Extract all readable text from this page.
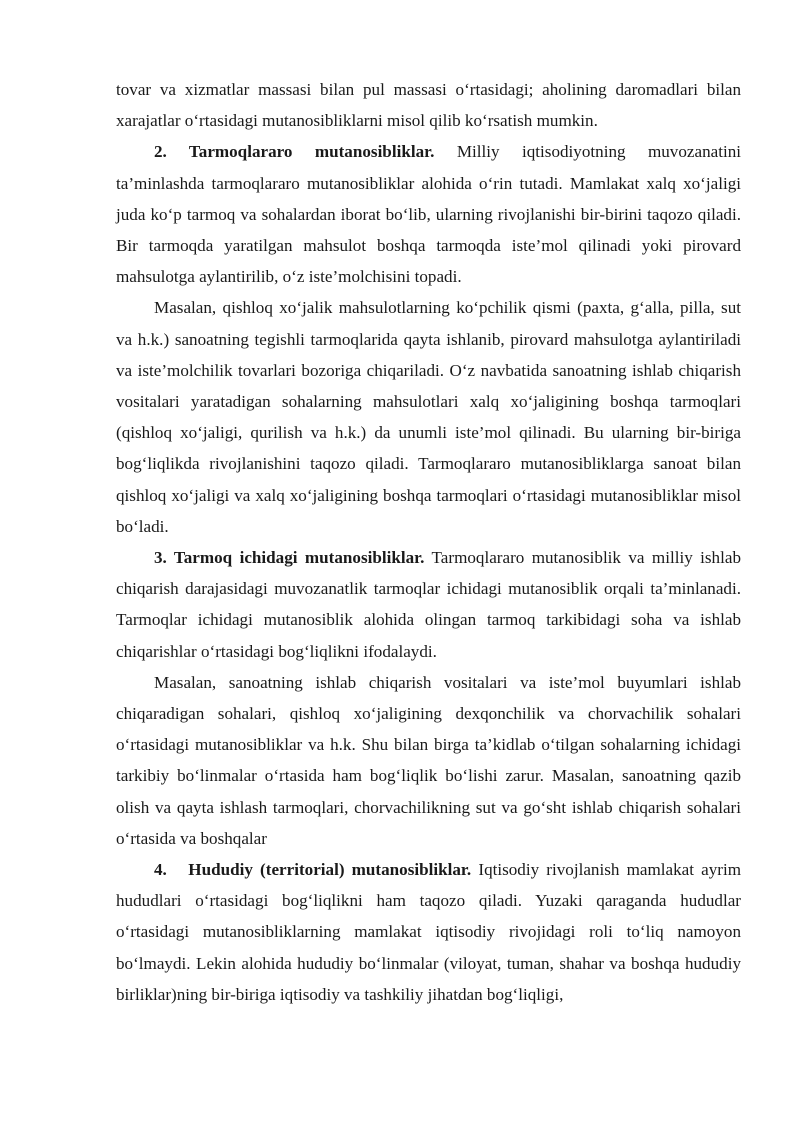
tovar va xizmatlar massasi bilan pul massasi o‘rtasidagi; aholining daromadlari bilan xarajatlar o‘rtasidagi mutanosibliklarni misol qilib ko‘rsatish mumkin.

2. Tarmoqlararo mutanosibliklar. Milliy iqtisodiyotning muvozanatini ta’minlashda tarmoqlararo mutanosibliklar alohida o‘rin tutadi. Mamlakat xalq xo‘jaligi juda ko‘p tarmoq va sohalardan iborat bo‘lib, ularning rivojlanishi bir-birini taqozo qiladi. Bir tarmoqda yaratilgan mahsulot boshqa tarmoqda iste’mol qilinadi yoki pirovard mahsulotga aylantirilib, o‘z iste’molchisini topadi.

Masalan, qishloq xo‘jalik mahsulotlarning ko‘pchilik qismi (paxta, g‘alla, pilla, sut va h.k.) sanoatning tegishli tarmoqlarida qayta ishlanib, pirovard mahsulotga aylantiriladi va iste’molchilik tovarlari bozoriga chiqariladi. O‘z navbatida sanoatning ishlab chiqarish vositalari yaratadigan sohalarning mahsulotlari xalq xo‘jaligining boshqa tarmoqlari (qishloq xo‘jaligi, qurilish va h.k.) da unumli iste’mol qilinadi. Bu ularning bir-biriga bog‘liqlikda rivojlanishini taqozo qiladi. Tarmoqlararo mutanosibliklarga sanoat bilan qishloq xo‘jaligi va xalq xo‘jaligining boshqa tarmoqlari o‘rtasidagi mutanosibliklar misol bo‘ladi.

3. Tarmoq ichidagi mutanosibliklar. Tarmoqlararo mutanosiblik va milliy ishlab chiqarish darajasidagi muvozanatlik tarmoqlar ichidagi mutanosiblik orqali ta’minlanadi. Tarmoqlar ichidagi mutanosiblik alohida olingan tarmoq tarkibidagi soha va ishlab chiqarishlar o‘rtasidagi bog‘liqlikni ifodalaydi.

Masalan, sanoatning ishlab chiqarish vositalari va iste’mol buyumlari ishlab chiqaradigan sohalari, qishloq xo‘jaligining dexqonchilik va chorvachilik sohalari o‘rtasidagi mutanosibliklar va h.k. Shu bilan birga ta’kidlab o‘tilgan sohalarning ichidagi tarkibiy bo‘linmalar o‘rtasida ham bog‘liqlik bo‘lishi zarur. Masalan, sanoatning qazib olish va qayta ishlash tarmoqlari, chorvachilikning sut va go‘sht ishlab chiqarish sohalari o‘rtasida va boshqalar

4.   Hududiy (territorial) mutanosibliklar. Iqtisodiy rivojlanish mamlakat ayrim hududlari o‘rtasidagi bog‘liqlikni ham taqozo qiladi. Yuzaki qaraganda hududlar o‘rtasidagi mutanosibliklarning mamlakat iqtisodiy rivojidagi roli to‘liq namoyon bo‘lmaydi. Lekin alohida hududiy bo‘linmalar (viloyat, tuman, shahar va boshqa hududiy birliklar)ning bir-biriga iqtisodiy va tashkiliy jihatdan bog‘liqligi,
